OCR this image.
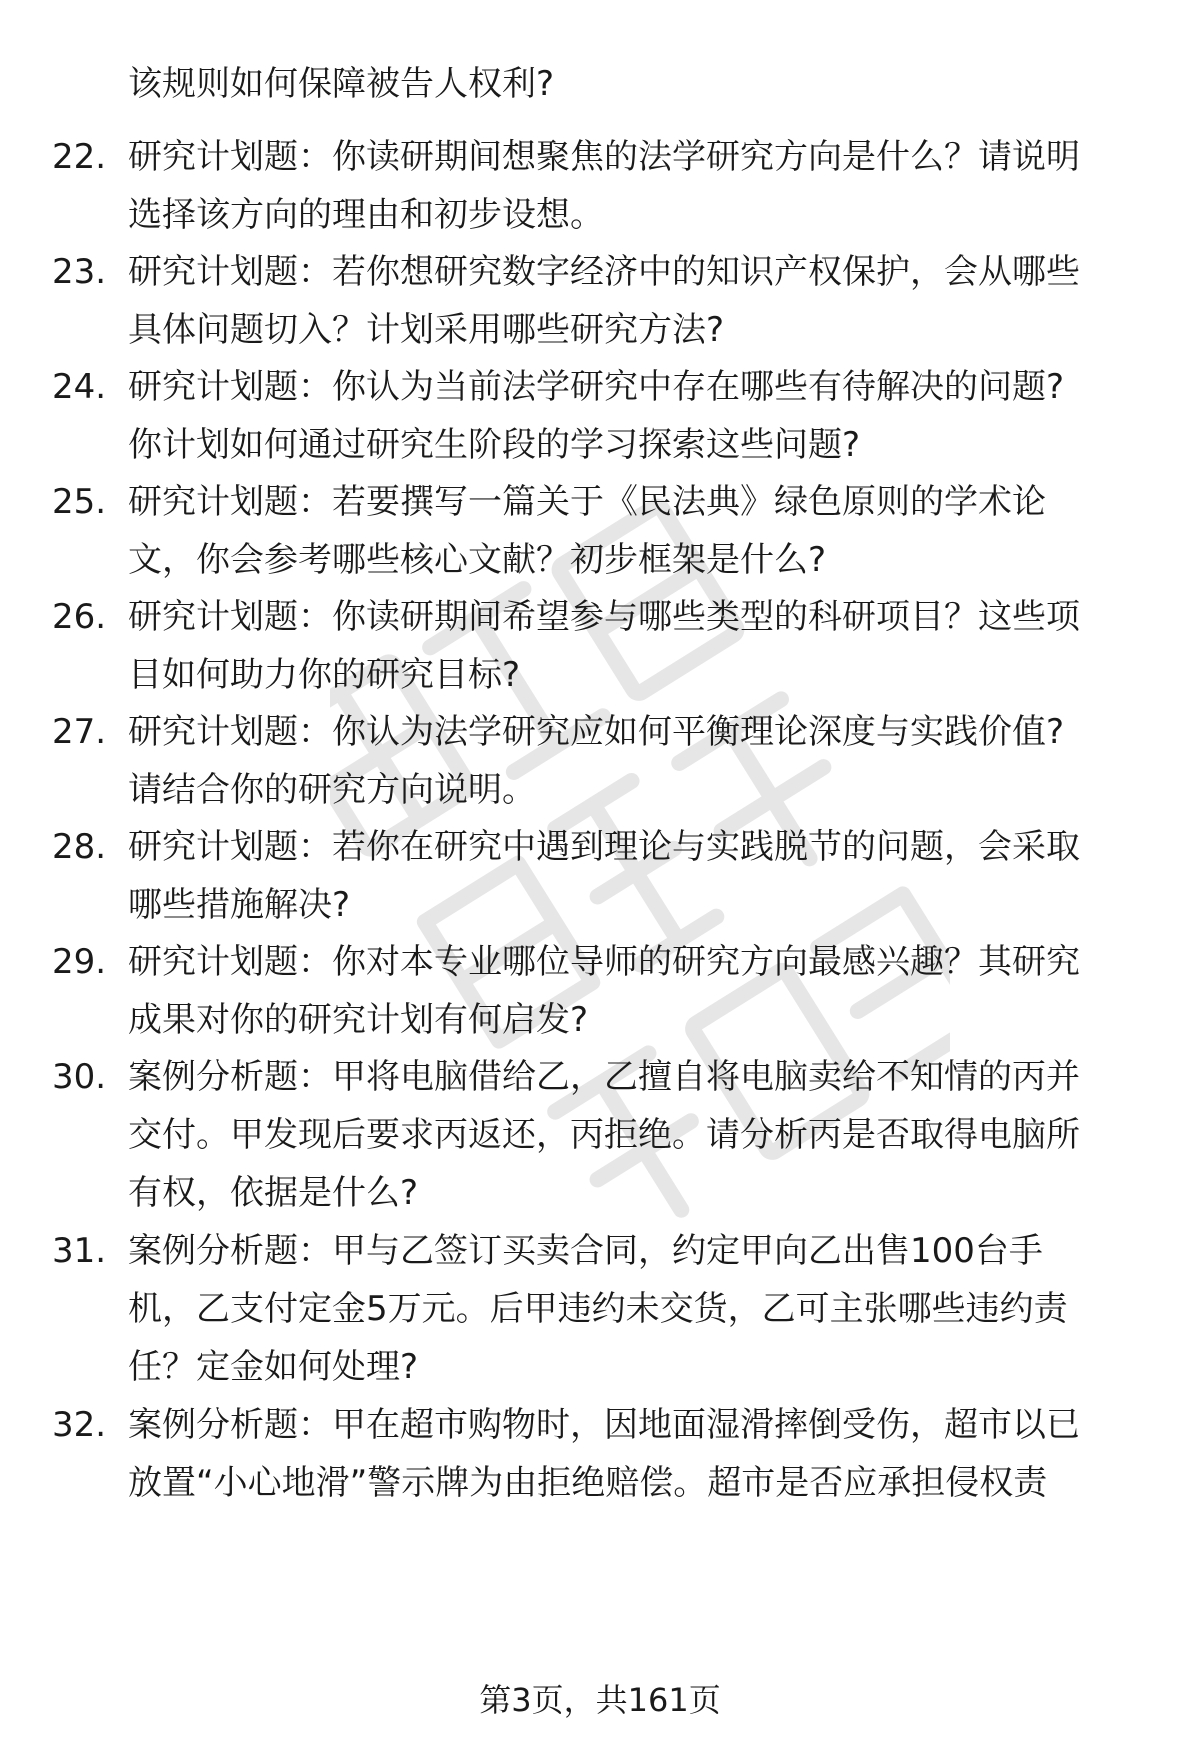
该规则如何保障被告人权利?
22. 研究计划题：你读研期间想聚焦的法学研究方向是什么？请说明
选择该方向的理由和初步设想。
23. 研究计划题：若你想研究数字经济中的知识产权保护，会从哪些
具体问题切入？计划采用哪些研究方法?
24. 研究计划题：你认为当前法学研究中存在哪些有待解决的问题?
你计划如何通过研究生阶段的学习探索这些问题?
25. 研究计划题：若要撰写一篇关于《民法典》绿色原则的学术论
文，你会参考哪些核心文献？初步框架是什么?
26. 研究计划题：你读研期间希望参与哪些类型的科研项目？这些项
目如何助力你的研究目标?
27. 研究计划题：你认为法学研究应如何平衡理论深度与实践价值?
请结合你的研究方向说明。
28. 研究计划题：若你在研究中遇到理论与实践脱节的问题，会采取
哪些措施解决?
29. 研究计划题：你对本专业哪位导师的研究方向最感兴趣？其研究
成果对你的研究计划有何启发?
30. 案例分析题：甲将电脑借给乙，乙擅自将电脑卖给不知情的丙并
交付。甲发现后要求丙返还，丙拒绝。请分析丙是否取得电脑所
有权，依据是什么?
31. 案例分析题：甲与乙签订买卖合同，约定甲向乙出售100台手
机，乙支付定金5万元。后甲违约未交货，乙可主张哪些违约责
任？定金如何处理?
32. 案例分析题：甲在超市购物时，因地面湿滑摔倒受伤，超市以已
放置“小心地滑”警示牌为由拒绝赔偿。超市是否应承担侵权责
第3页，共161页
